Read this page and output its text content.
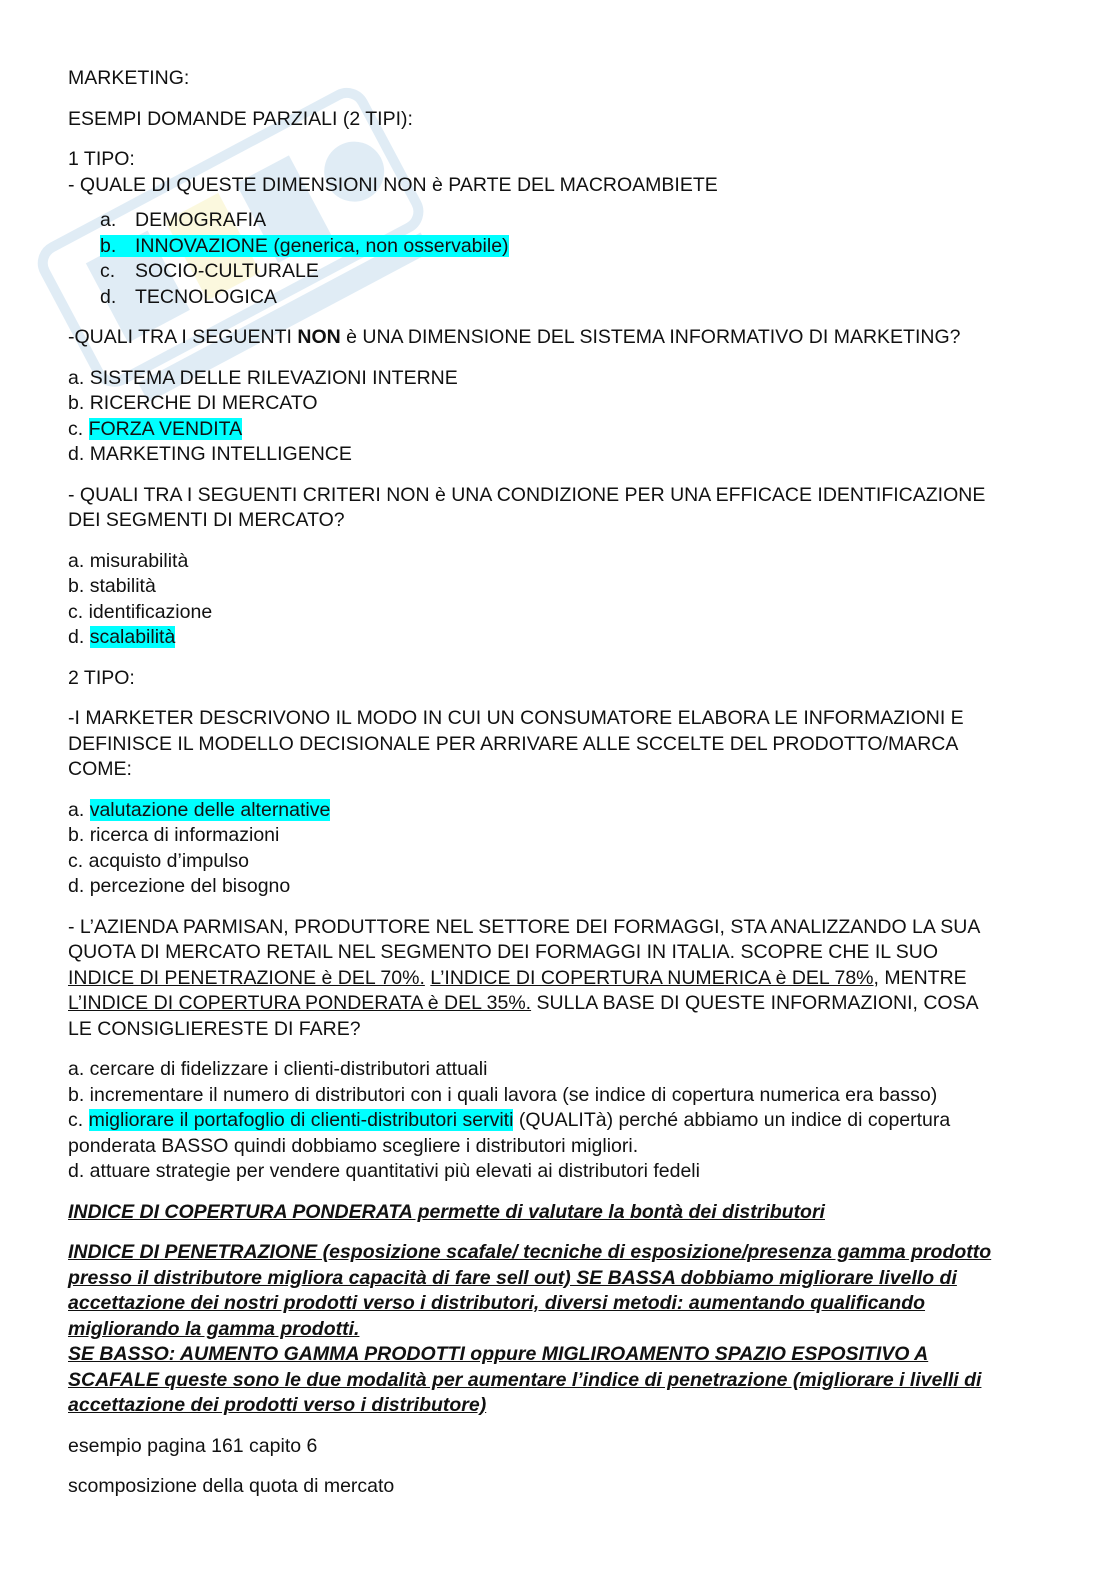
MARKETING:

ESEMPI DOMANDE PARZIALI (2 TIPI):

1 TIPO:
- QUALE DI QUESTE DIMENSIONI NON è PARTE DEL MACROAMBIETE
a. DEMOGRAFIA
b. INNOVAZIONE (generica, non osservabile)
c. SOCIO-CULTURALE
d. TECNOLOGICA

-QUALI TRA I SEGUENTI NON è UNA DIMENSIONE DEL SISTEMA INFORMATIVO DI MARKETING?

a. SISTEMA DELLE RILEVAZIONI INTERNE
b. RICERCHE DI MERCATO
c. FORZA VENDITA
d. MARKETING INTELLIGENCE
- QUALI TRA I SEGUENTI CRITERI NON è UNA CONDIZIONE PER UNA EFFICACE IDENTIFICAZIONE
DEI SEGMENTI DI MERCATO?
a. misurabilità
b. stabilità
c. identificazione
d. scalabilità

2 TIPO:

-I MARKETER DESCRIVONO IL MODO IN CUI UN CONSUMATORE ELABORA LE INFORMAZIONI E
DEFINISCE IL MODELLO DECISIONALE PER ARRIVARE ALLE SCCELTE DEL PRODOTTO/MARCA
COME:
a. valutazione delle alternative
b. ricerca di informazioni
c. acquisto d’impulso
d. percezione del bisogno
- L’AZIENDA PARMISAN, PRODUTTORE NEL SETTORE DEI FORMAGGI, STA ANALIZZANDO LA SUA
QUOTA DI MERCATO RETAIL NEL SEGMENTO DEI FORMAGGI IN ITALIA. SCOPRE CHE IL SUO
INDICE DI PENETRAZIONE è DEL 70%. L’INDICE DI COPERTURA NUMERICA è DEL 78%, MENTRE
L’INDICE DI COPERTURA PONDERATA è DEL 35%. SULLA BASE DI QUESTE INFORMAZIONI, COSA
LE CONSIGLIERESTE DI FARE?
a. cercare di fidelizzare i clienti-distributori attuali
b. incrementare il numero di distributori con i quali lavora (se indice di copertura numerica era basso)
c. migliorare il portafoglio di clienti-distributori serviti (QUALITà) perché abbiamo un indice di copertura
ponderata BASSO quindi dobbiamo scegliere i distributori migliori.
d. attuare strategie per vendere quantitativi più elevati ai distributori fedeli

INDICE DI COPERTURA PONDERATA permette di valutare la bontà dei distributori

INDICE DI PENETRAZIONE (esposizione scafale/ tecniche di esposizione/presenza gamma prodotto
presso il distributore migliora capacità di fare sell out) SE BASSA dobbiamo migliorare livello di
accettazione dei nostri prodotti verso i distributori, diversi metodi: aumentando qualificando
migliorando la gamma prodotti.
SE BASSO: AUMENTO GAMMA PRODOTTI oppure MIGLIROAMENTO SPAZIO ESPOSITIVO A
SCAFALE queste sono le due modalità per aumentare l’indice di penetrazione (migliorare i livelli di
accettazione dei prodotti verso i distributore)

esempio pagina 161 capito 6

scomposizione della quota di mercato
